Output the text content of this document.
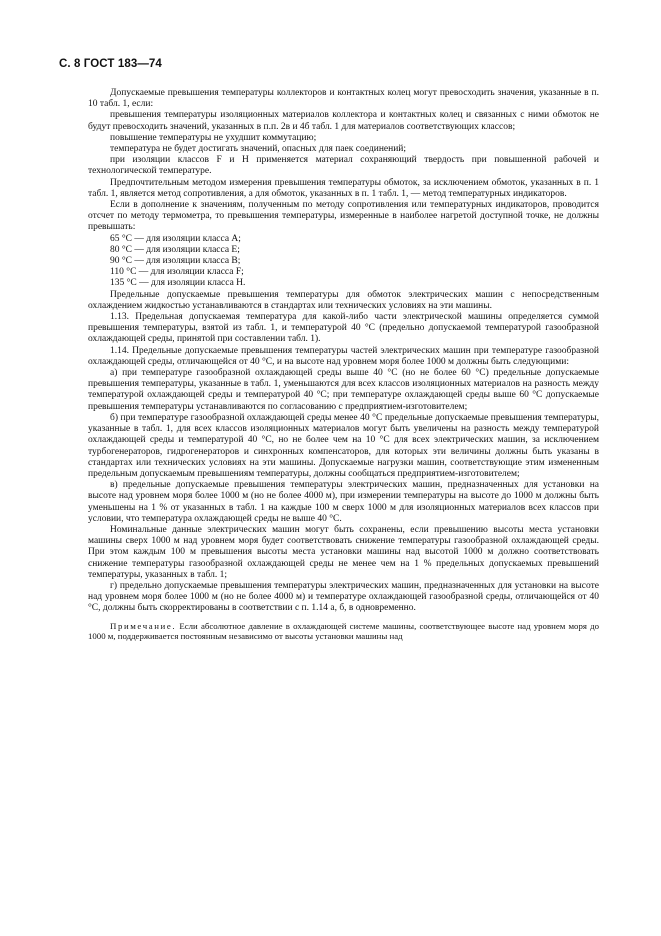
С. 8 ГОСТ 183—74

Допускаемые превышения температуры коллекторов и контактных колец могут превосходить значения, указанные в п. 10 табл. 1, если:

превышения температуры изоляционных материалов коллектора и контактных колец и связанных с ними обмоток не будут превосходить значений, указанных в п.п. 2в и 4б табл. 1 для материалов соответствующих классов;

повышение температуры не ухудшит коммутацию;

температура не будет достигать значений, опасных для паек соединений;

при изоляции классов F и H применяется материал сохраняющий твердость при повышенной рабочей и технологической температуре.

Предпочтительным методом измерения превышения температуры обмоток, за исключением обмоток, указанных в п. 1 табл. 1, является метод сопротивления, а для обмоток, указанных в п. 1 табл. 1, — метод температурных индикаторов.

Если в дополнение к значениям, полученным по методу сопротивления или температурных индикаторов, проводится отсчет по методу термометра, то превышения температуры, измеренные в наиболее нагретой доступной точке, не должны превышать:

65 °С — для изоляции класса А;

80 °С — для изоляции класса Е;

90 °С — для изоляции класса В;

110 °С — для изоляции класса F;

135 °С — для изоляции класса Н.

Предельные допускаемые превышения температуры для обмоток электрических машин с непосредственным охлаждением жидкостью устанавливаются в стандартах или технических условиях на эти машины.

1.13. Предельная допускаемая температура для какой-либо части электрической машины определяется суммой превышения температуры, взятой из табл. 1, и температурой 40 °С (предельно допускаемой температурой газообразной охлаждающей среды, принятой при составлении табл. 1).

1.14. Предельные допускаемые превышения температуры частей электрических машин при температуре газообразной охлаждающей среды, отличающейся от 40 °С, и на высоте над уровнем моря более 1000 м должны быть следующими:

а) при температуре газообразной охлаждающей среды выше 40 °С (но не более 60 °С) предельные допускаемые превышения температуры, указанные в табл. 1, уменьшаются для всех классов изоляционных материалов на разность между температурой охлаждающей среды и температурой 40 °С; при температуре охлаждающей среды выше 60 °С допускаемые превышения температуры устанавливаются по согласованию с предприятием-изготовителем;

б) при температуре газообразной охлаждающей среды менее 40 °С предельные допускаемые превышения температуры, указанные в табл. 1, для всех классов изоляционных материалов могут быть увеличены на разность между температурой охлаждающей среды и температурой 40 °С, но не более чем на 10 °С для всех электрических машин, за исключением турбогенераторов, гидрогенераторов и синхронных компенсаторов, для которых эти величины должны быть указаны в стандартах или технических условиях на эти машины. Допускаемые нагрузки машин, соответствующие этим измененным предельным допускаемым превышениям температуры, должны сообщаться предприятием-изготовителем;

в) предельные допускаемые превышения температуры электрических машин, предназначенных для установки на высоте над уровнем моря более 1000 м (но не более 4000 м), при измерении температуры на высоте до 1000 м должны быть уменьшены на 1 % от указанных в табл. 1 на каждые 100 м сверх 1000 м для изоляционных материалов всех классов при условии, что температура охлаждающей среды не выше 40 °С.

Номинальные данные электрических машин могут быть сохранены, если превышению высоты места установки машины сверх 1000 м над уровнем моря будет соответствовать снижение температуры газообразной охлаждающей среды. При этом каждым 100 м превышения высоты места установки машины над высотой 1000 м должно соответствовать снижение температуры газообразной охлаждающей среды не менее чем на 1 % предельных допускаемых превышений температуры, указанных в табл. 1;

г) предельно допускаемые превышения температуры электрических машин, предназначенных для установки на высоте над уровнем моря более 1000 м (но не более 4000 м) и температуре охлаждающей газообразной среды, отличающейся от 40 °С, должны быть скорректированы в соответствии с п. 1.14 а, б, в одновременно.

Примечание. Если абсолютное давление в охлаждающей системе машины, соответствующее высоте над уровнем моря до 1000 м, поддерживается постоянным независимо от высоты установки машины над
